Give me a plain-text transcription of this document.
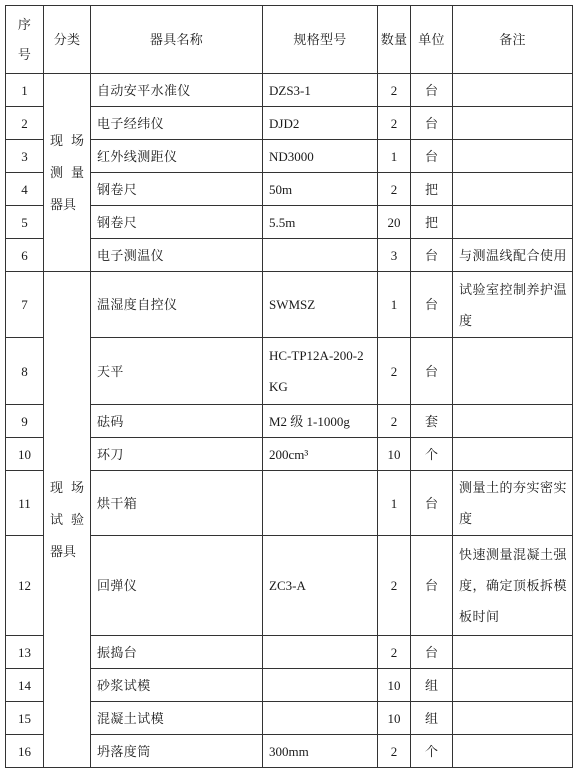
序号	分类	器具名称	规格型号	数量	单位	备注
1	现场测量器具	自动安平水准仪	DZS3-1	2	台	
2		电子经纬仪	DJD2	2	台	
3		红外线测距仪	ND3000	1	台	
4		钢卷尺	50m	2	把	
5		钢卷尺	5.5m	20	把	
6		电子测温仪		3	台	与测温线配合使用
7	现场试验器具	温湿度自控仪	SWMSZ	1	台	试验室控制养护温度
8		天平	HC-TP12A-200-2KG	2	台	
9		砝码	M2 级 1-1000g	2	套	
10		环刀	200cm³	10	个	
11		烘干箱		1	台	测量土的夯实密实度
12		回弹仪	ZC3-A	2	台	快速测量混凝土强度，确定顶板拆模板时间
13		振捣台		2	台	
14		砂浆试模		10	组	
15		混凝土试模		10	组	
16		坍落度筒	300mm	2	个	
